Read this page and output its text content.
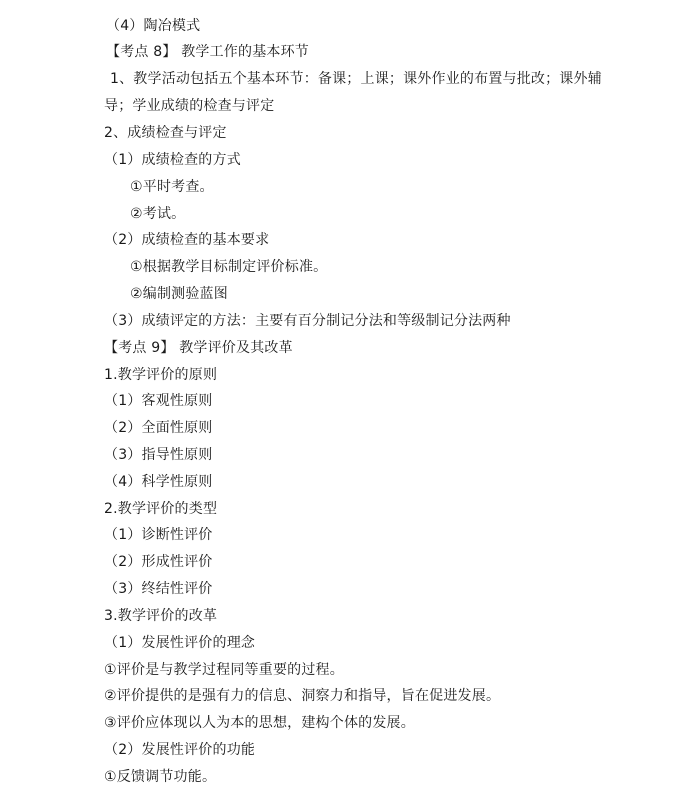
（4）陶冶模式
【考点 8】 教学工作的基本环节
1、教学活动包括五个基本环节：备课；上课；课外作业的布置与批改；课外辅
导；学业成绩的检查与评定
2、成绩检查与评定
（1）成绩检查的方式
①平时考查。
②考试。
（2）成绩检查的基本要求
①根据教学目标制定评价标准。
②编制测验蓝图
（3）成绩评定的方法：主要有百分制记分法和等级制记分法两种
【考点 9】 教学评价及其改革
1.教学评价的原则
（1）客观性原则
（2）全面性原则
（3）指导性原则
（4）科学性原则
2.教学评价的类型
（1）诊断性评价
（2）形成性评价
（3）终结性评价
3.教学评价的改革
（1）发展性评价的理念
①评价是与教学过程同等重要的过程。
②评价提供的是强有力的信息、洞察力和指导，旨在促进发展。
③评价应体现以人为本的思想，建构个体的发展。
（2）发展性评价的功能
①反馈调节功能。
